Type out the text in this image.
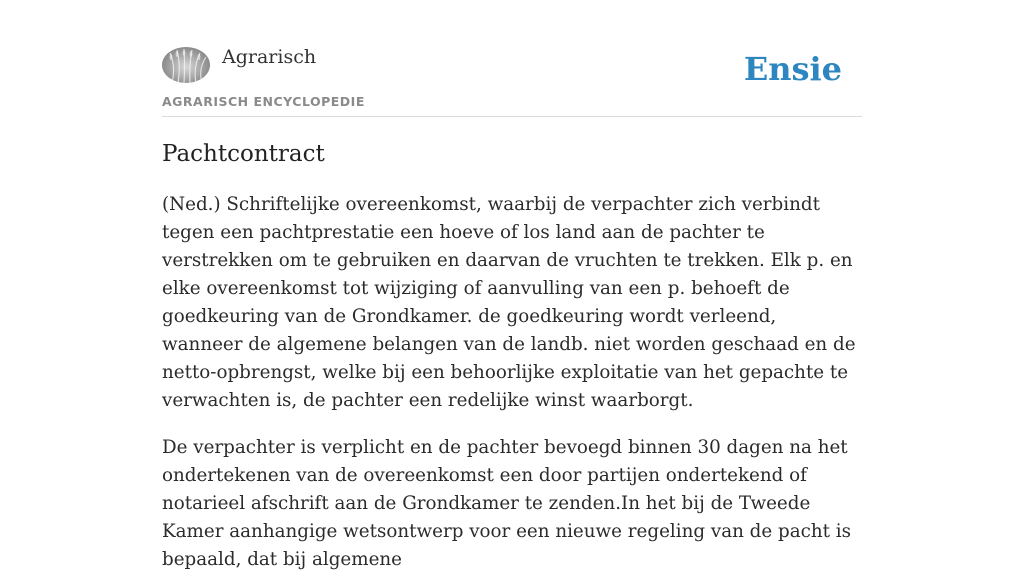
Agrarisch
AGRARISCH ENCYCLOPEDIE
Ensie
Pachtcontract

(Ned.) Schriftelijke overeenkomst, waarbij de verpachter zich verbindt tegen een pachtprestatie een hoeve of los land aan de pachter te verstrekken om te gebruiken en daarvan de vruchten te trekken. Elk p. en elke overeenkomst tot wijziging of aanvulling van een p. behoeft de goedkeuring van de Grondkamer. de goedkeuring wordt verleend, wanneer de algemene belangen van de landb. niet worden geschaad en de netto-opbrengst, welke bij een behoorlijke exploitatie van het gepachte te verwachten is, de pachter een redelijke winst waarborgt.

De verpachter is verplicht en de pachter bevoegd binnen 30 dagen na het ondertekenen van de overeenkomst een door partijen ondertekend of notarieel afschrift aan de Grondkamer te zenden.In het bij de Tweede Kamer aanhangige wetsontwerp voor een nieuwe regeling van de pacht is bepaald, dat bij algemene
